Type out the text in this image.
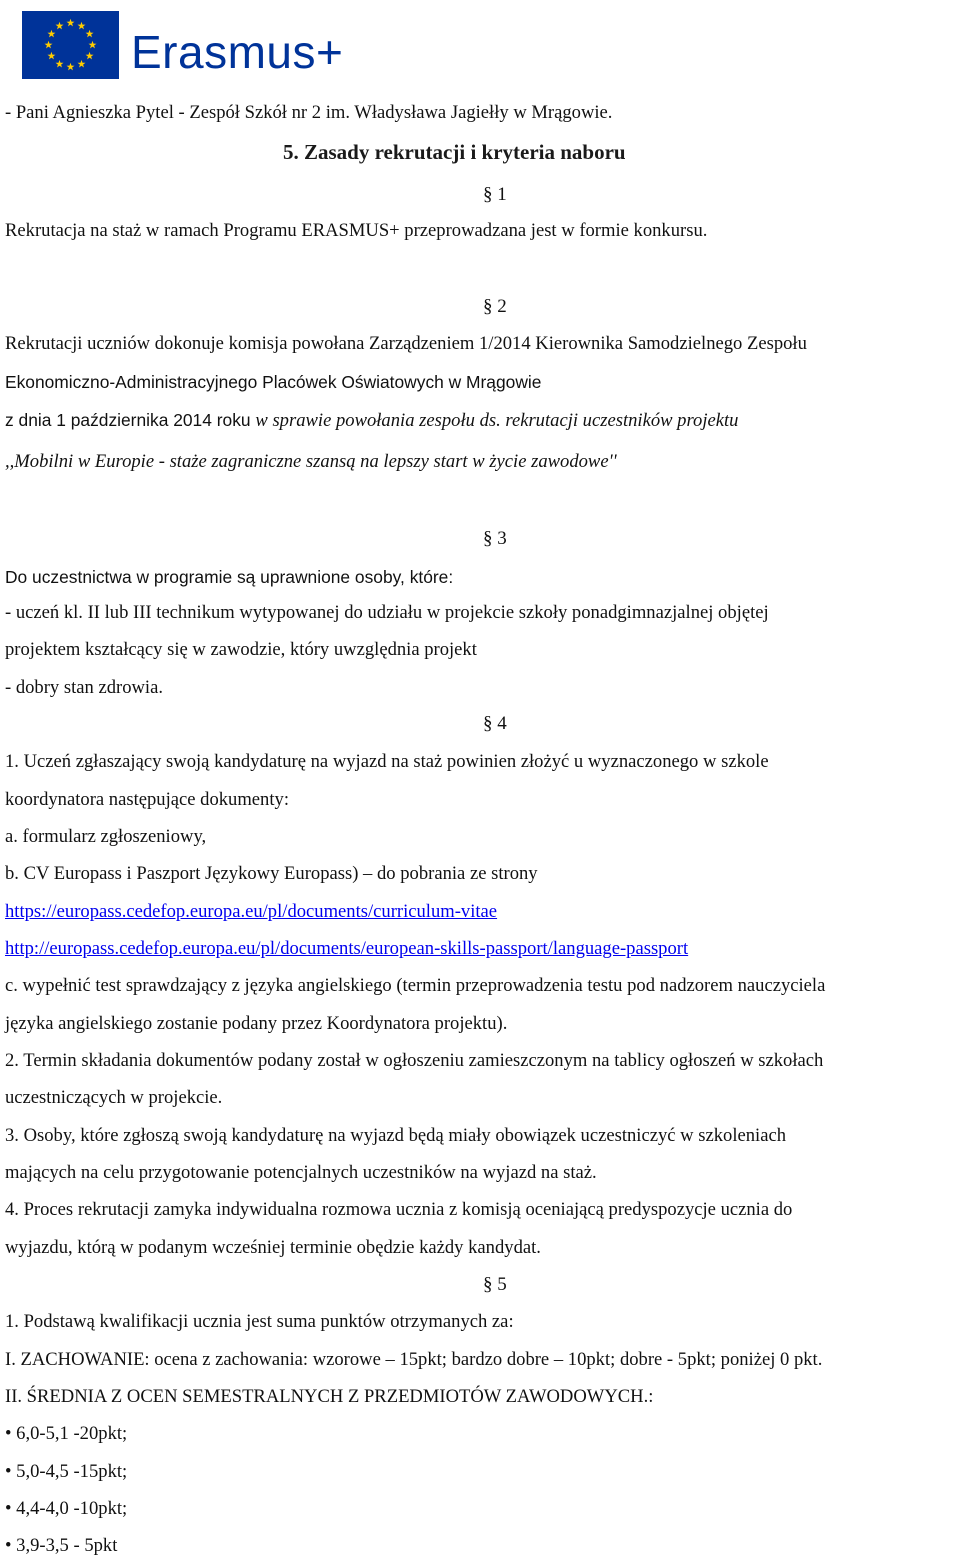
Erasmus+
- Pani Agnieszka Pytel - Zespół Szkół nr 2 im. Władysława Jagiełły w Mrągowie.
5. Zasady rekrutacji i kryteria naboru
§ 1
Rekrutacja na staż w ramach Programu ERASMUS+ przeprowadzana jest w formie konkursu.
§ 2
Rekrutacji uczniów dokonuje komisja powołana Zarządzeniem 1/2014 Kierownika Samodzielnego Zespołu
Ekonomiczno-Administracyjnego Placówek Oświatowych w Mrągowie
z dnia 1 października 2014 roku w sprawie powołania zespołu ds. rekrutacji uczestników projektu
,,Mobilni w Europie - staże zagraniczne szansą na lepszy start w życie zawodowe''
§ 3
Do uczestnictwa w programie są uprawnione osoby, które:
- uczeń kl. II lub III technikum wytypowanej do udziału w projekcie szkoły ponadgimnazjalnej objętej
projektem kształcący się w zawodzie, który uwzględnia projekt
- dobry stan zdrowia.
§ 4
1. Uczeń zgłaszający swoją kandydaturę na wyjazd na staż powinien złożyć u wyznaczonego w szkole
koordynatora następujące dokumenty:
a. formularz zgłoszeniowy,
b. CV Europass i Paszport Językowy Europass) – do pobrania ze strony
https://europass.cedefop.europa.eu/pl/documents/curriculum-vitae
http://europass.cedefop.europa.eu/pl/documents/european-skills-passport/language-passport
c. wypełnić test sprawdzający z języka angielskiego (termin przeprowadzenia testu pod nadzorem nauczyciela
języka angielskiego zostanie podany przez Koordynatora projektu).
2. Termin składania dokumentów podany został w ogłoszeniu zamieszczonym na tablicy ogłoszeń w szkołach
uczestniczących w projekcie.
3. Osoby, które zgłoszą swoją kandydaturę na wyjazd będą miały obowiązek uczestniczyć w szkoleniach
mających na celu przygotowanie potencjalnych uczestników na wyjazd na staż.
4. Proces rekrutacji zamyka indywidualna rozmowa ucznia z komisją oceniającą predyspozycje ucznia do
wyjazdu, którą w podanym wcześniej terminie obędzie każdy kandydat.
§ 5
1. Podstawą kwalifikacji ucznia jest suma punktów otrzymanych za:
I. ZACHOWANIE: ocena z zachowania: wzorowe – 15pkt; bardzo dobre – 10pkt; dobre - 5pkt; poniżej 0 pkt.
II. ŚREDNIA Z OCEN SEMESTRALNYCH Z PRZEDMIOTÓW ZAWODOWYCH.:
• 6,0-5,1 -20pkt;
• 5,0-4,5 -15pkt;
• 4,4-4,0 -10pkt;
• 3,9-3,5 - 5pkt
